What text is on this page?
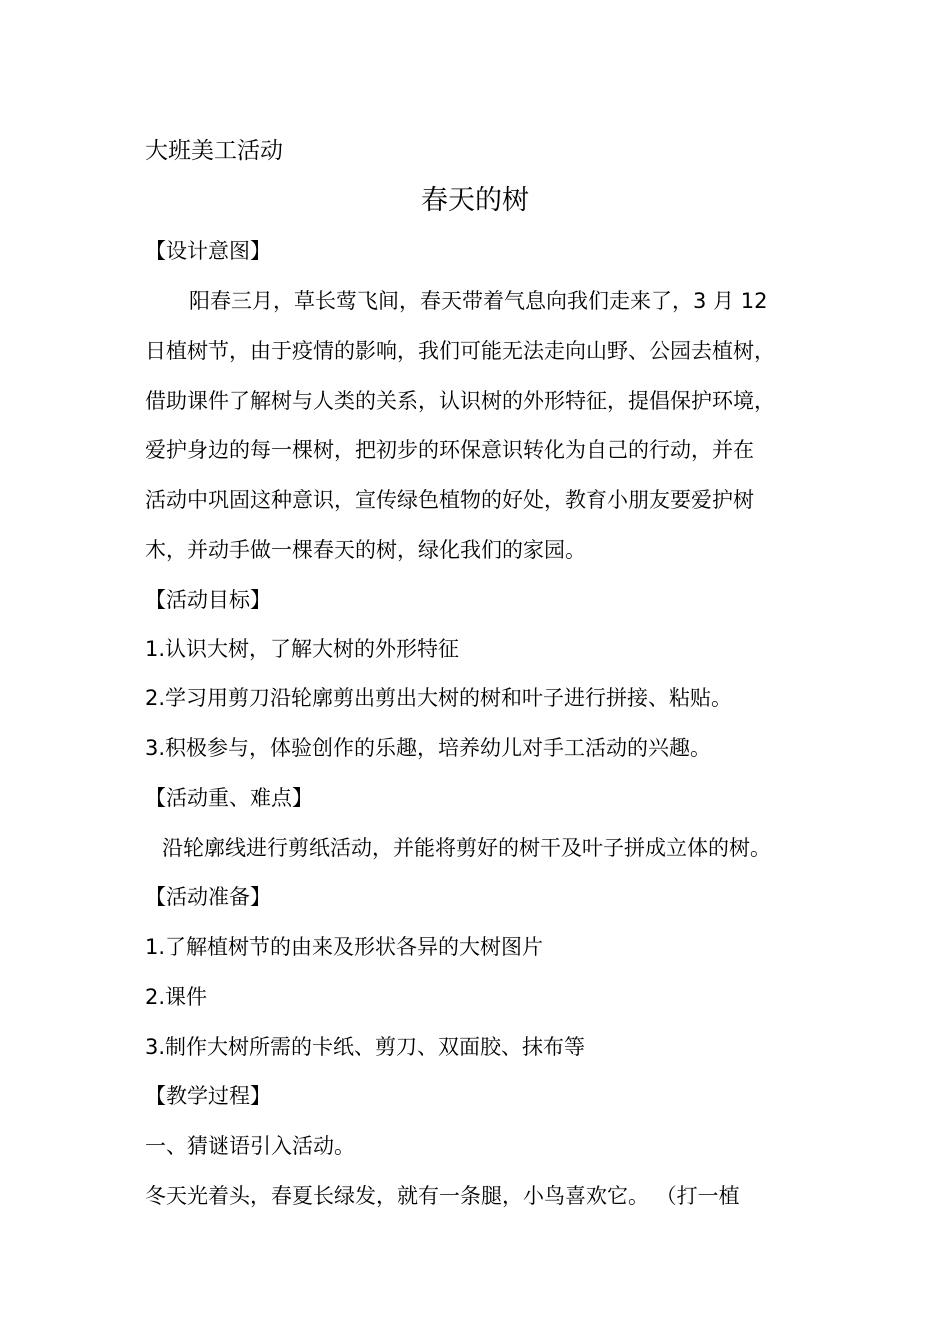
大班美工活动
春天的树
【设计意图】
阳春三月，草长莺飞间，春天带着气息向我们走来了，3 月 12
日植树节，由于疫情的影响，我们可能无法走向山野、公园去植树，
借助课件了解树与人类的关系，认识树的外形特征，提倡保护环境，
爱护身边的每一棵树，把初步的环保意识转化为自己的行动，并在
活动中巩固这种意识，宣传绿色植物的好处，教育小朋友要爱护树
木，并动手做一棵春天的树，绿化我们的家园。
【活动目标】
1.认识大树，了解大树的外形特征
2.学习用剪刀沿轮廓剪出剪出大树的树和叶子进行拼接、粘贴。
3.积极参与，体验创作的乐趣，培养幼儿对手工活动的兴趣。
【活动重、难点】
沿轮廓线进行剪纸活动，并能将剪好的树干及叶子拼成立体的树。
【活动准备】
1.了解植树节的由来及形状各异的大树图片
2.课件
3.制作大树所需的卡纸、剪刀、双面胶、抹布等
【教学过程】
一、猜谜语引入活动。
冬天光着头，春夏长绿发，就有一条腿，小鸟喜欢它。 （打一植
